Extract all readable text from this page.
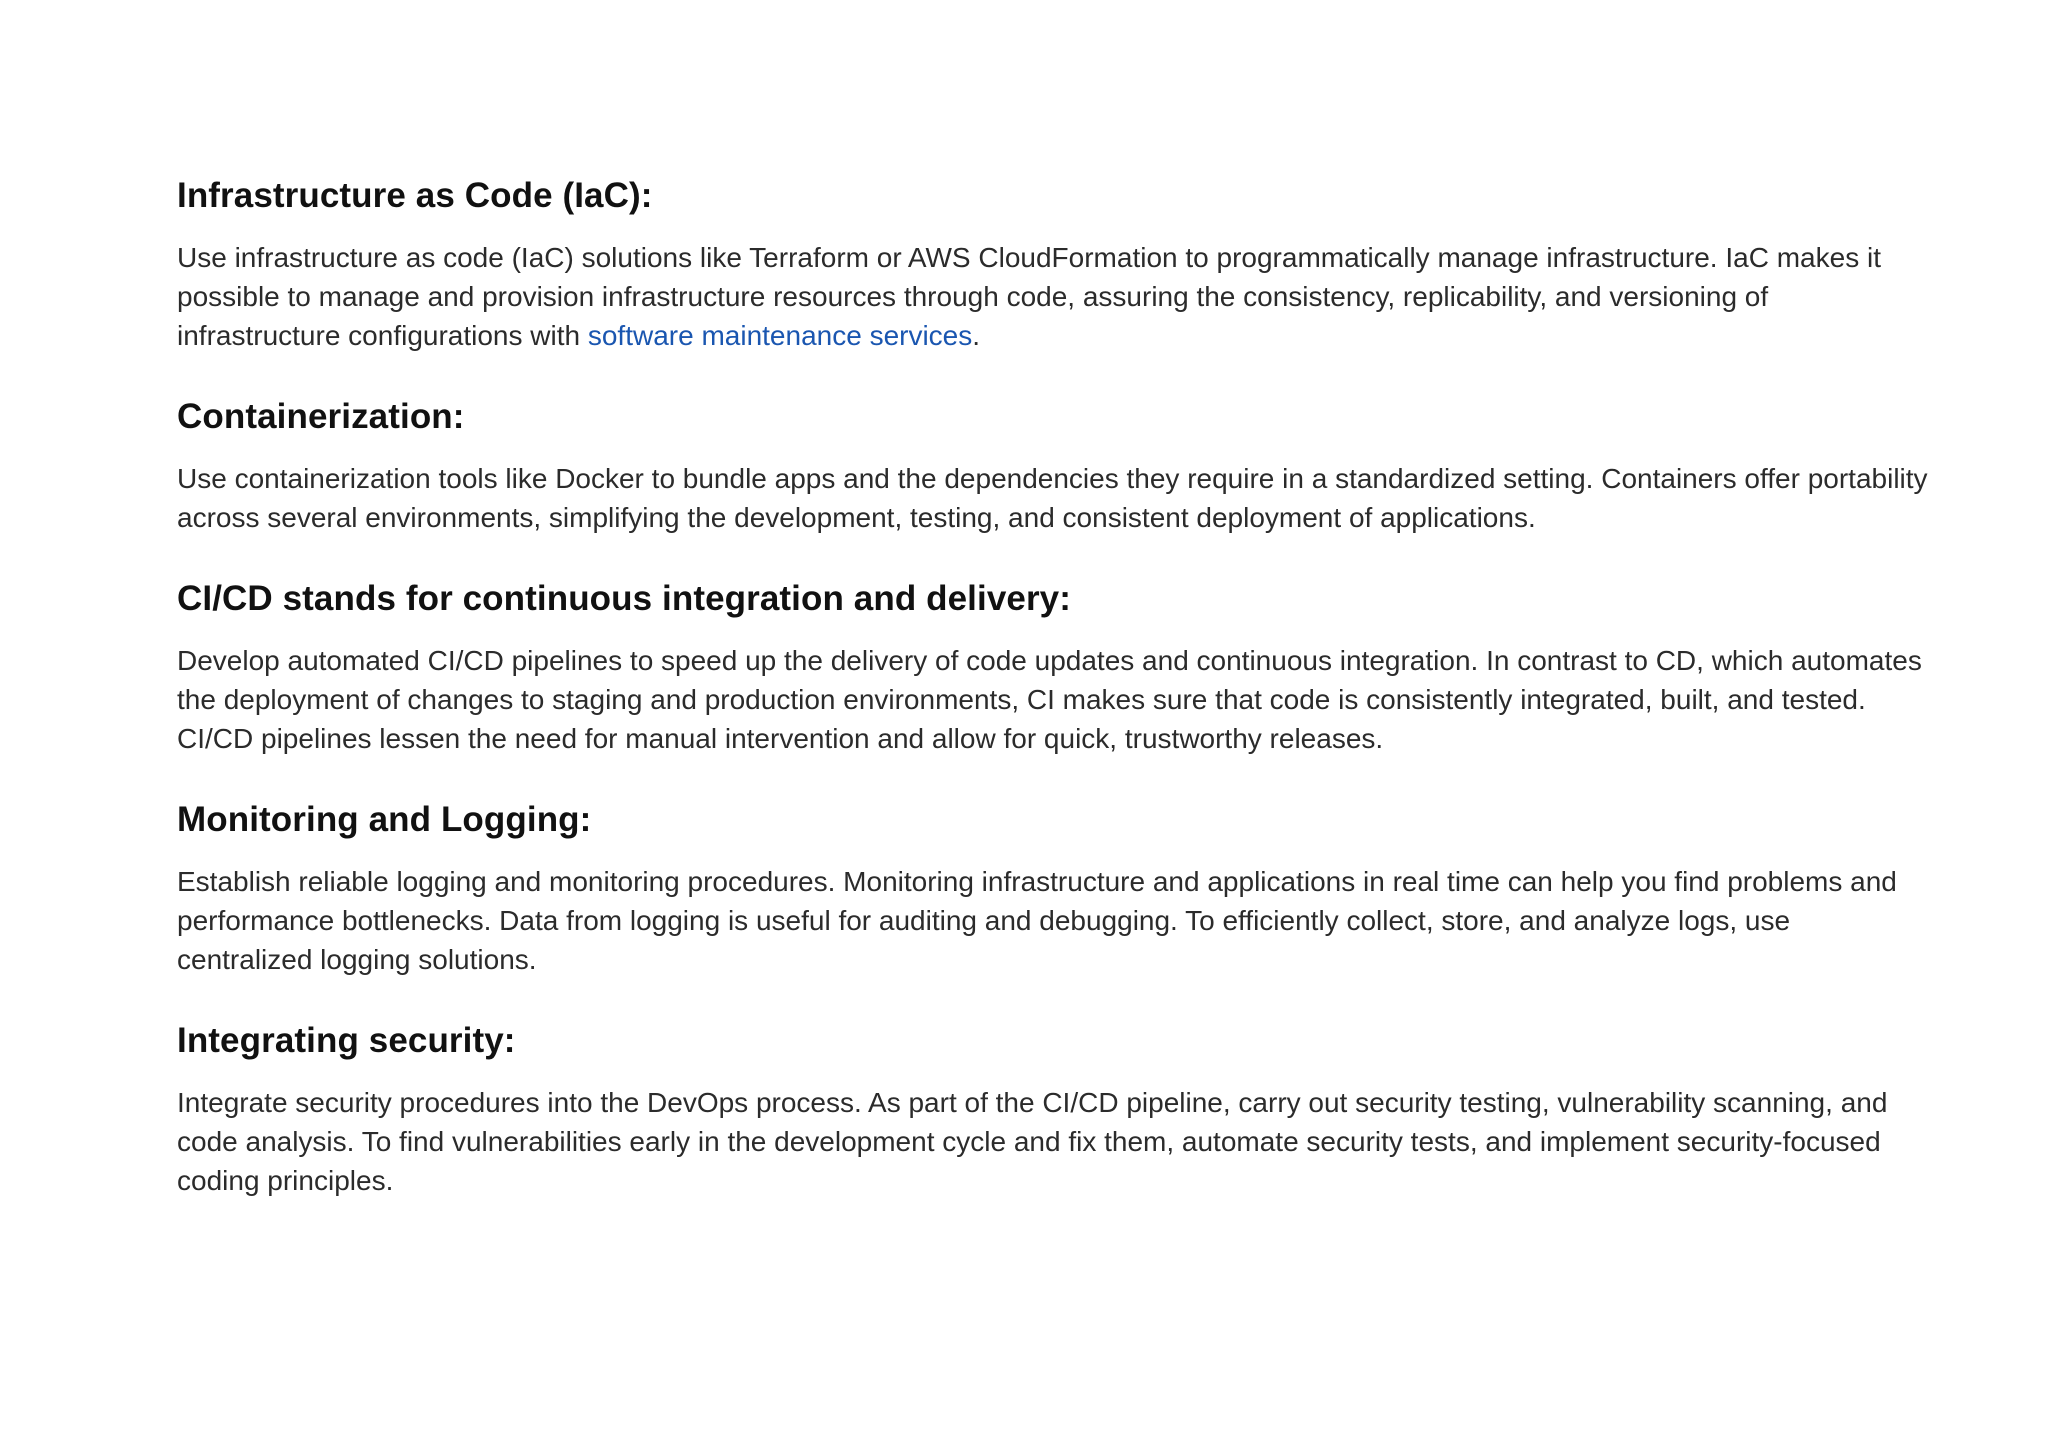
Infrastructure as Code (IaC):

Use infrastructure as code (IaC) solutions like Terraform or AWS CloudFormation to programmatically manage infrastructure. IaC makes it possible to manage and provision infrastructure resources through code, assuring the consistency, replicability, and versioning of infrastructure configurations with software maintenance services.

Containerization:

Use containerization tools like Docker to bundle apps and the dependencies they require in a standardized setting. Containers offer portability across several environments, simplifying the development, testing, and consistent deployment of applications.

CI/CD stands for continuous integration and delivery:

Develop automated CI/CD pipelines to speed up the delivery of code updates and continuous integration. In contrast to CD, which automates the deployment of changes to staging and production environments, CI makes sure that code is consistently integrated, built, and tested. CI/CD pipelines lessen the need for manual intervention and allow for quick, trustworthy releases.

Monitoring and Logging:

Establish reliable logging and monitoring procedures. Monitoring infrastructure and applications in real time can help you find problems and performance bottlenecks. Data from logging is useful for auditing and debugging. To efficiently collect, store, and analyze logs, use centralized logging solutions.

Integrating security:

Integrate security procedures into the DevOps process. As part of the CI/CD pipeline, carry out security testing, vulnerability scanning, and code analysis. To find vulnerabilities early in the development cycle and fix them, automate security tests, and implement security-focused coding principles.
